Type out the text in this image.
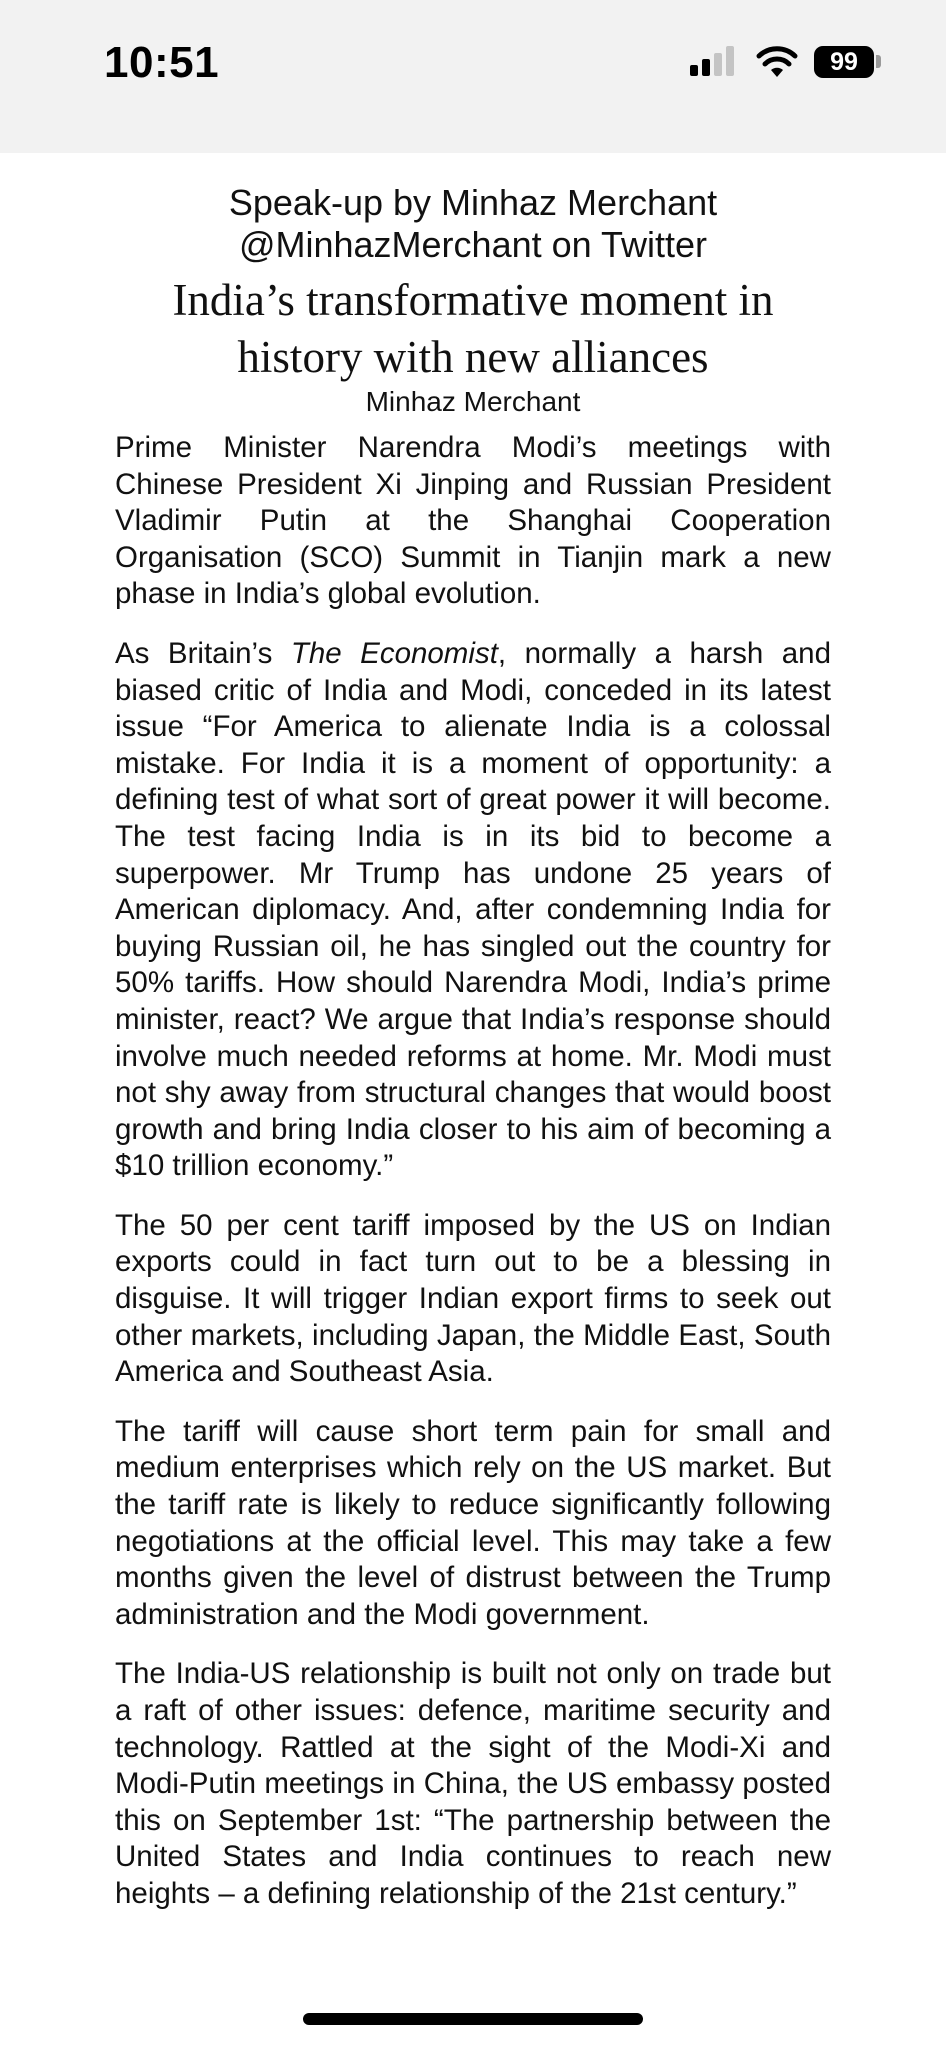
10:51	99

Speak-up by Minhaz Merchant

@MinhazMerchant on Twitter

India’s transformative moment in
history with new alliances

Minhaz Merchant

Prime Minister Narendra Modi’s meetings with Chinese President Xi Jinping and Russian President Vladimir Putin at the Shanghai Cooperation Organisation (SCO) Summit in Tianjin mark a new phase in India’s global evolution.

As Britain’s The Economist, normally a harsh and biased critic of India and Modi, conceded in its latest issue “For America to alienate India is a colossal mistake. For India it is a moment of opportunity: a defining test of what sort of great power it will become. The test facing India is in its bid to become a superpower. Mr Trump has undone 25 years of American diplomacy. And, after condemning India for buying Russian oil, he has singled out the country for 50% tariffs. How should Narendra Modi, India’s prime minister, react? We argue that India’s response should involve much needed reforms at home. Mr. Modi must not shy away from structural changes that would boost growth and bring India closer to his aim of becoming a $10 trillion economy.”

The 50 per cent tariff imposed by the US on Indian exports could in fact turn out to be a blessing in disguise. It will trigger Indian export firms to seek out other markets, including Japan, the Middle East, South America and Southeast Asia.

The tariff will cause short term pain for small and medium enterprises which rely on the US market. But the tariff rate is likely to reduce significantly following negotiations at the official level. This may take a few months given the level of distrust between the Trump administration and the Modi government.

The India-US relationship is built not only on trade but a raft of other issues: defence, maritime security and technology. Rattled at the sight of the Modi-Xi and Modi-Putin meetings in China, the US embassy posted this on September 1st: “The partnership between the United States and India continues to reach new heights – a defining relationship of the 21st century.”
